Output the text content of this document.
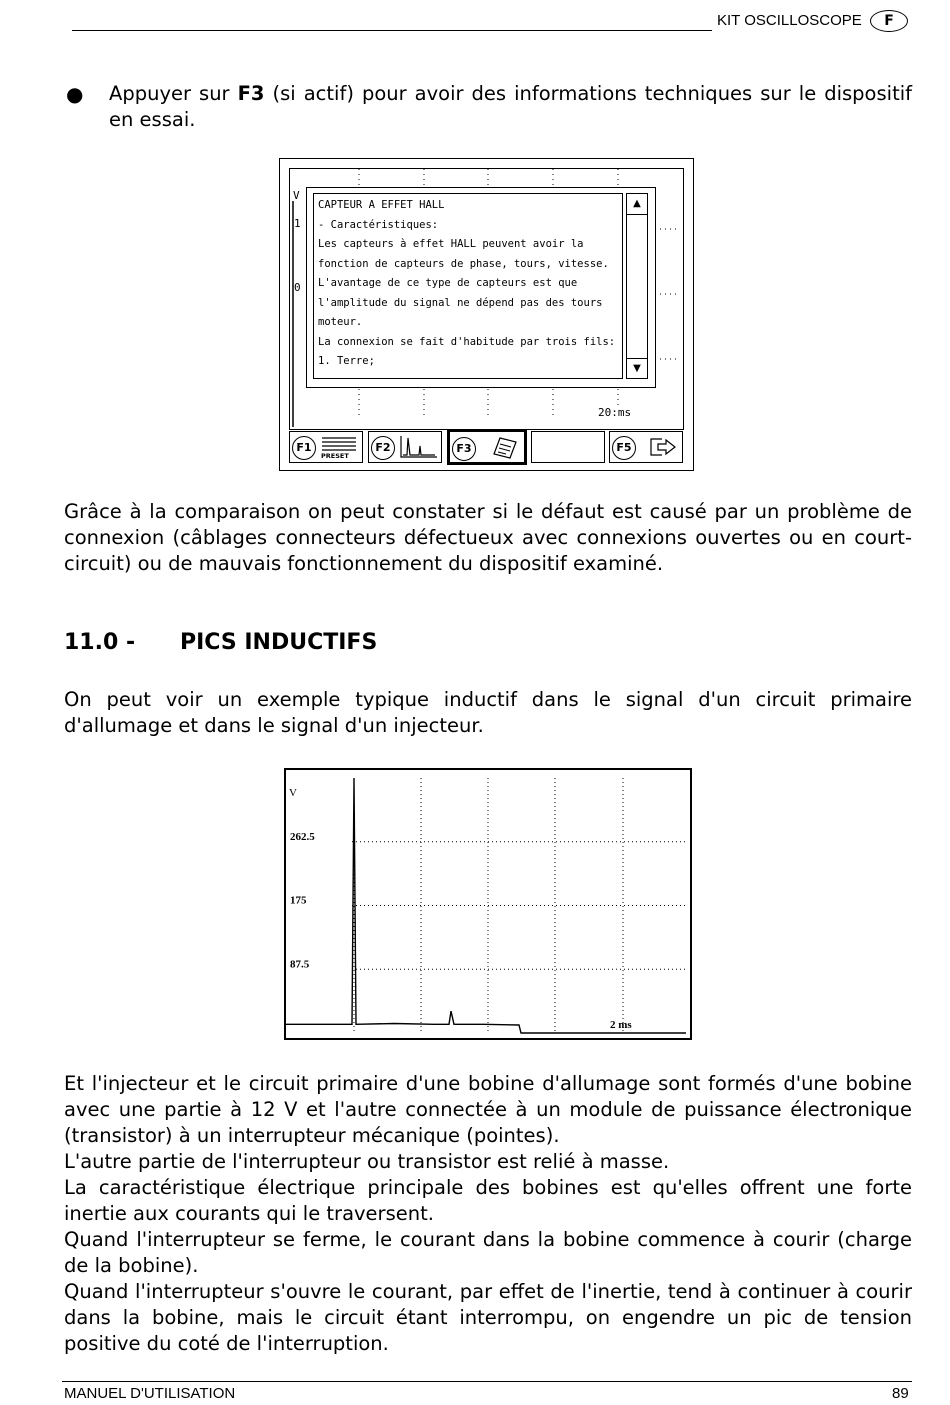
KIT OSCILLOSCOPE	F
● Appuyer sur F3 (si actif) pour avoir des informations techniques sur le dispositif en essai.
V
1
0
20:ms
CAPTEUR A EFFET HALL
- Caractéristiques:
Les capteurs à effet HALL peuvent avoir la
fonction de capteurs de phase, tours, vitesse.
L'avantage de ce type de capteurs est que
l'amplitude du signal ne dépend pas des tours
moteur.
La connexion se fait d'habitude par trois fils:
1. Terre;
▲
▼
F1
PRESET
F2	F3	F5
Grâce à la comparaison on peut constater si le défaut est causé par un problème de connexion (câblages connecteurs défectueux avec connexions ouvertes ou en court-circuit) ou de mauvais fonctionnement du dispositif examiné.
11.0 - PICS INDUCTIFS
On peut voir un exemple typique inductif dans le signal d'un circuit primaire d'allumage et dans le signal d'un injecteur.
262.5
175
87.5
V
2 ms
Et l'injecteur et le circuit primaire d'une bobine d'allumage sont formés d'une bobine avec une partie à 12 V et l'autre connectée à un module de puissance électronique (transistor) à un interrupteur mécanique (pointes).
L'autre partie de l'interrupteur ou transistor est relié à masse.
La caractéristique électrique principale des bobines est qu'elles offrent une forte inertie aux courants qui le traversent.
Quand l'interrupteur se ferme, le courant dans la bobine commence à courir (charge de la bobine).
Quand l'interrupteur s'ouvre le courant, par effet de l'inertie, tend à continuer à courir dans la bobine, mais le circuit étant interrompu, on engendre un pic de tension positive du coté de l'interruption.
MANUEL D'UTILISATION	89
